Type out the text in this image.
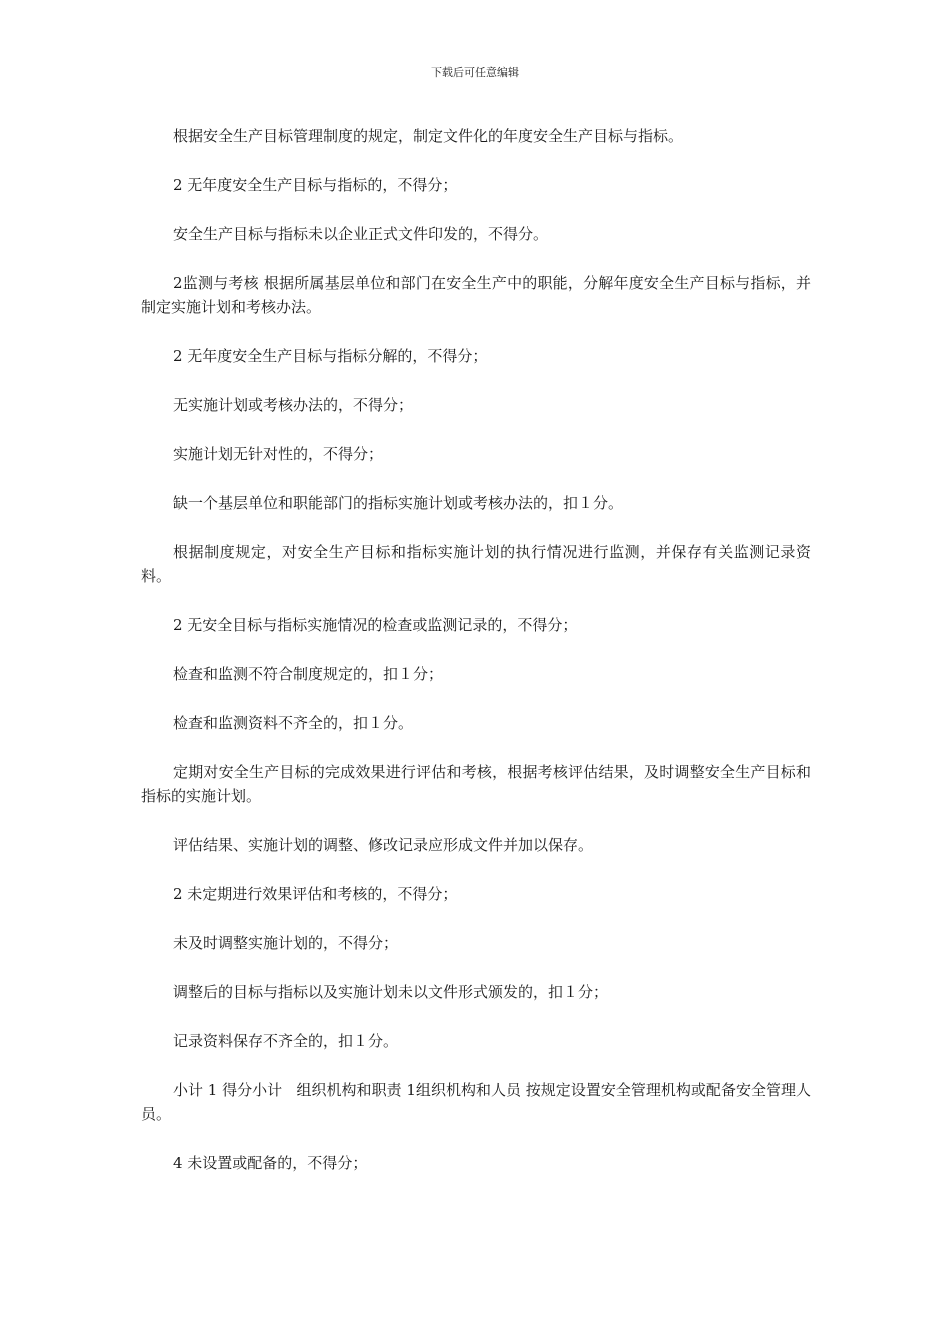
下载后可任意编辑

根据安全生产目标管理制度的规定，制定文件化的年度安全生产目标与指标。

2 无年度安全生产目标与指标的，不得分；

安全生产目标与指标未以企业正式文件印发的，不得分。

2监测与考核 根据所属基层单位和部门在安全生产中的职能，分解年度安全生产目标与指标，并制定实施计划和考核办法。

2 无年度安全生产目标与指标分解的，不得分；

无实施计划或考核办法的，不得分；

实施计划无针对性的，不得分；

缺一个基层单位和职能部门的指标实施计划或考核办法的，扣１分。

根据制度规定，对安全生产目标和指标实施计划的执行情况进行监测，并保存有关监测记录资料。

2 无安全目标与指标实施情况的检查或监测记录的，不得分；

检查和监测不符合制度规定的，扣１分；

检查和监测资料不齐全的，扣１分。

定期对安全生产目标的完成效果进行评估和考核，根据考核评估结果，及时调整安全生产目标和指标的实施计划。

评估结果、实施计划的调整、修改记录应形成文件并加以保存。

2 未定期进行效果评估和考核的，不得分；

未及时调整实施计划的，不得分；

调整后的目标与指标以及实施计划未以文件形式颁发的，扣１分；

记录资料保存不齐全的，扣１分。

小计 1 得分小计   组织机构和职责 1组织机构和人员 按规定设置安全管理机构或配备安全管理人员。

4 未设置或配备的，不得分；
